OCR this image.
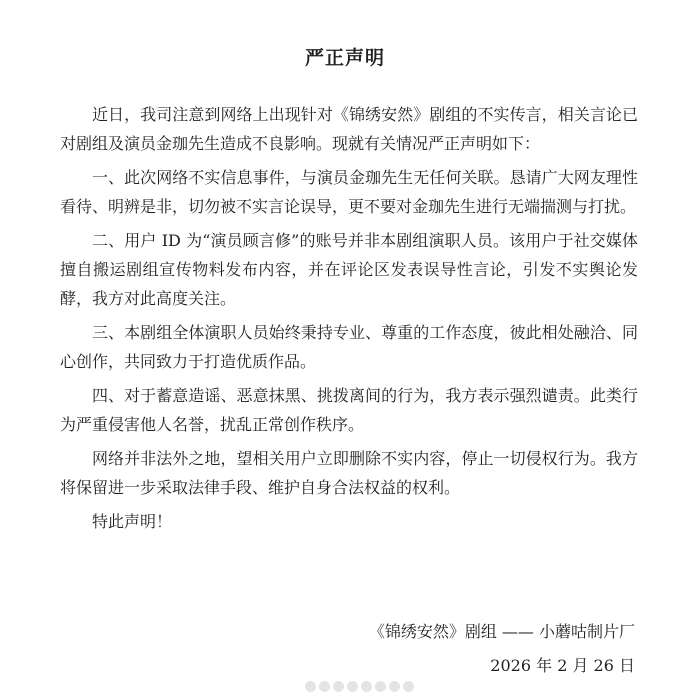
严正声明

近日，我司注意到网络上出现针对《锦绣安然》剧组的不实传言，相关言论已对剧组及演员金珈先生造成不良影响。现就有关情况严正声明如下：

一、此次网络不实信息事件，与演员金珈先生无任何关联。恳请广大网友理性看待、明辨是非，切勿被不实言论误导，更不要对金珈先生进行无端揣测与打扰。

二、用户 ID 为“演员顾言修”的账号并非本剧组演职人员。该用户于社交媒体擅自搬运剧组宣传物料发布内容，并在评论区发表误导性言论，引发不实舆论发酵，我方对此高度关注。

三、本剧组全体演职人员始终秉持专业、尊重的工作态度，彼此相处融洽、同心创作，共同致力于打造优质作品。

四、对于蓄意造谣、恶意抹黑、挑拨离间的行为，我方表示强烈谴责。此类行为严重侵害他人名誉，扰乱正常创作秩序。

网络并非法外之地，望相关用户立即删除不实内容，停止一切侵权行为。我方将保留进一步采取法律手段、维护自身合法权益的权利。

特此声明！

《锦绣安然》剧组 —— 小蘑咕制片厂
2026 年 2 月 26 日
